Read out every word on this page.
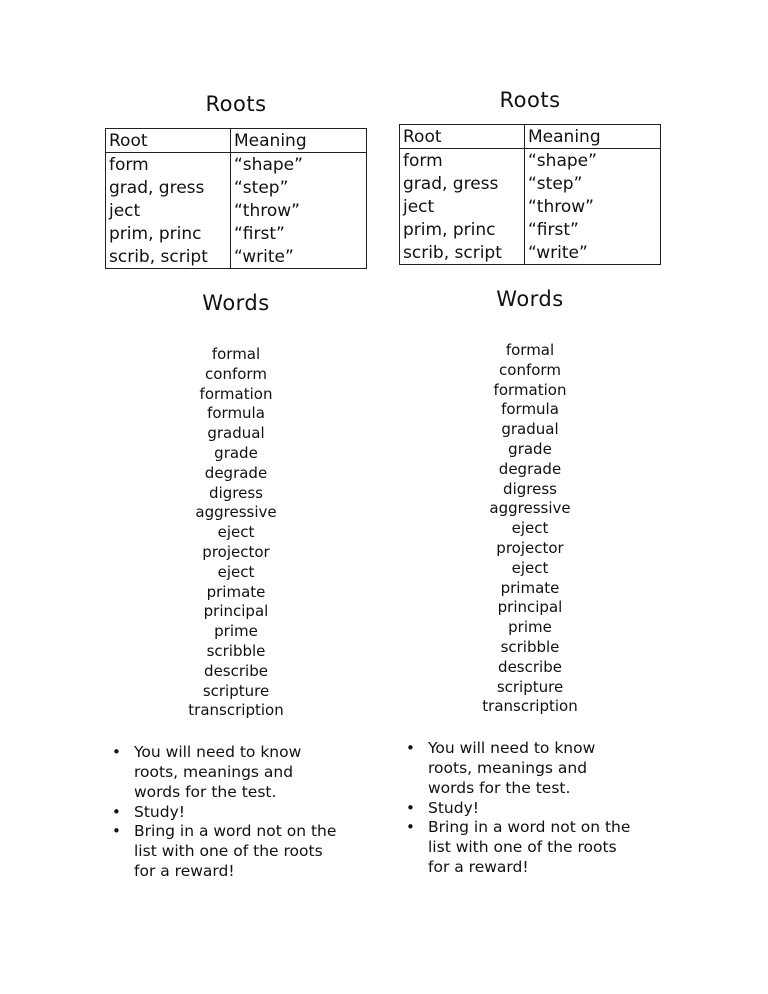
Roots
Root	Meaning
form	“shape”
grad, gress	“step”
ject	“throw”
prim, princ	“first”
scrib, script	“write”
Words
formal
conform
formation
formula
gradual
grade
degrade
digress
aggressive
eject
projector
eject
primate
principal
prime
scribble
describe
scripture
transcription
• You will need to know roots, meanings and words for the test.
• Study!
• Bring in a word not on the list with one of the roots for a reward!
Roots
Root	Meaning
form	“shape”
grad, gress	“step”
ject	“throw”
prim, princ	“first”
scrib, script	“write”
Words
formal
conform
formation
formula
gradual
grade
degrade
digress
aggressive
eject
projector
eject
primate
principal
prime
scribble
describe
scripture
transcription
• You will need to know roots, meanings and words for the test.
• Study!
• Bring in a word not on the list with one of the roots for a reward!
